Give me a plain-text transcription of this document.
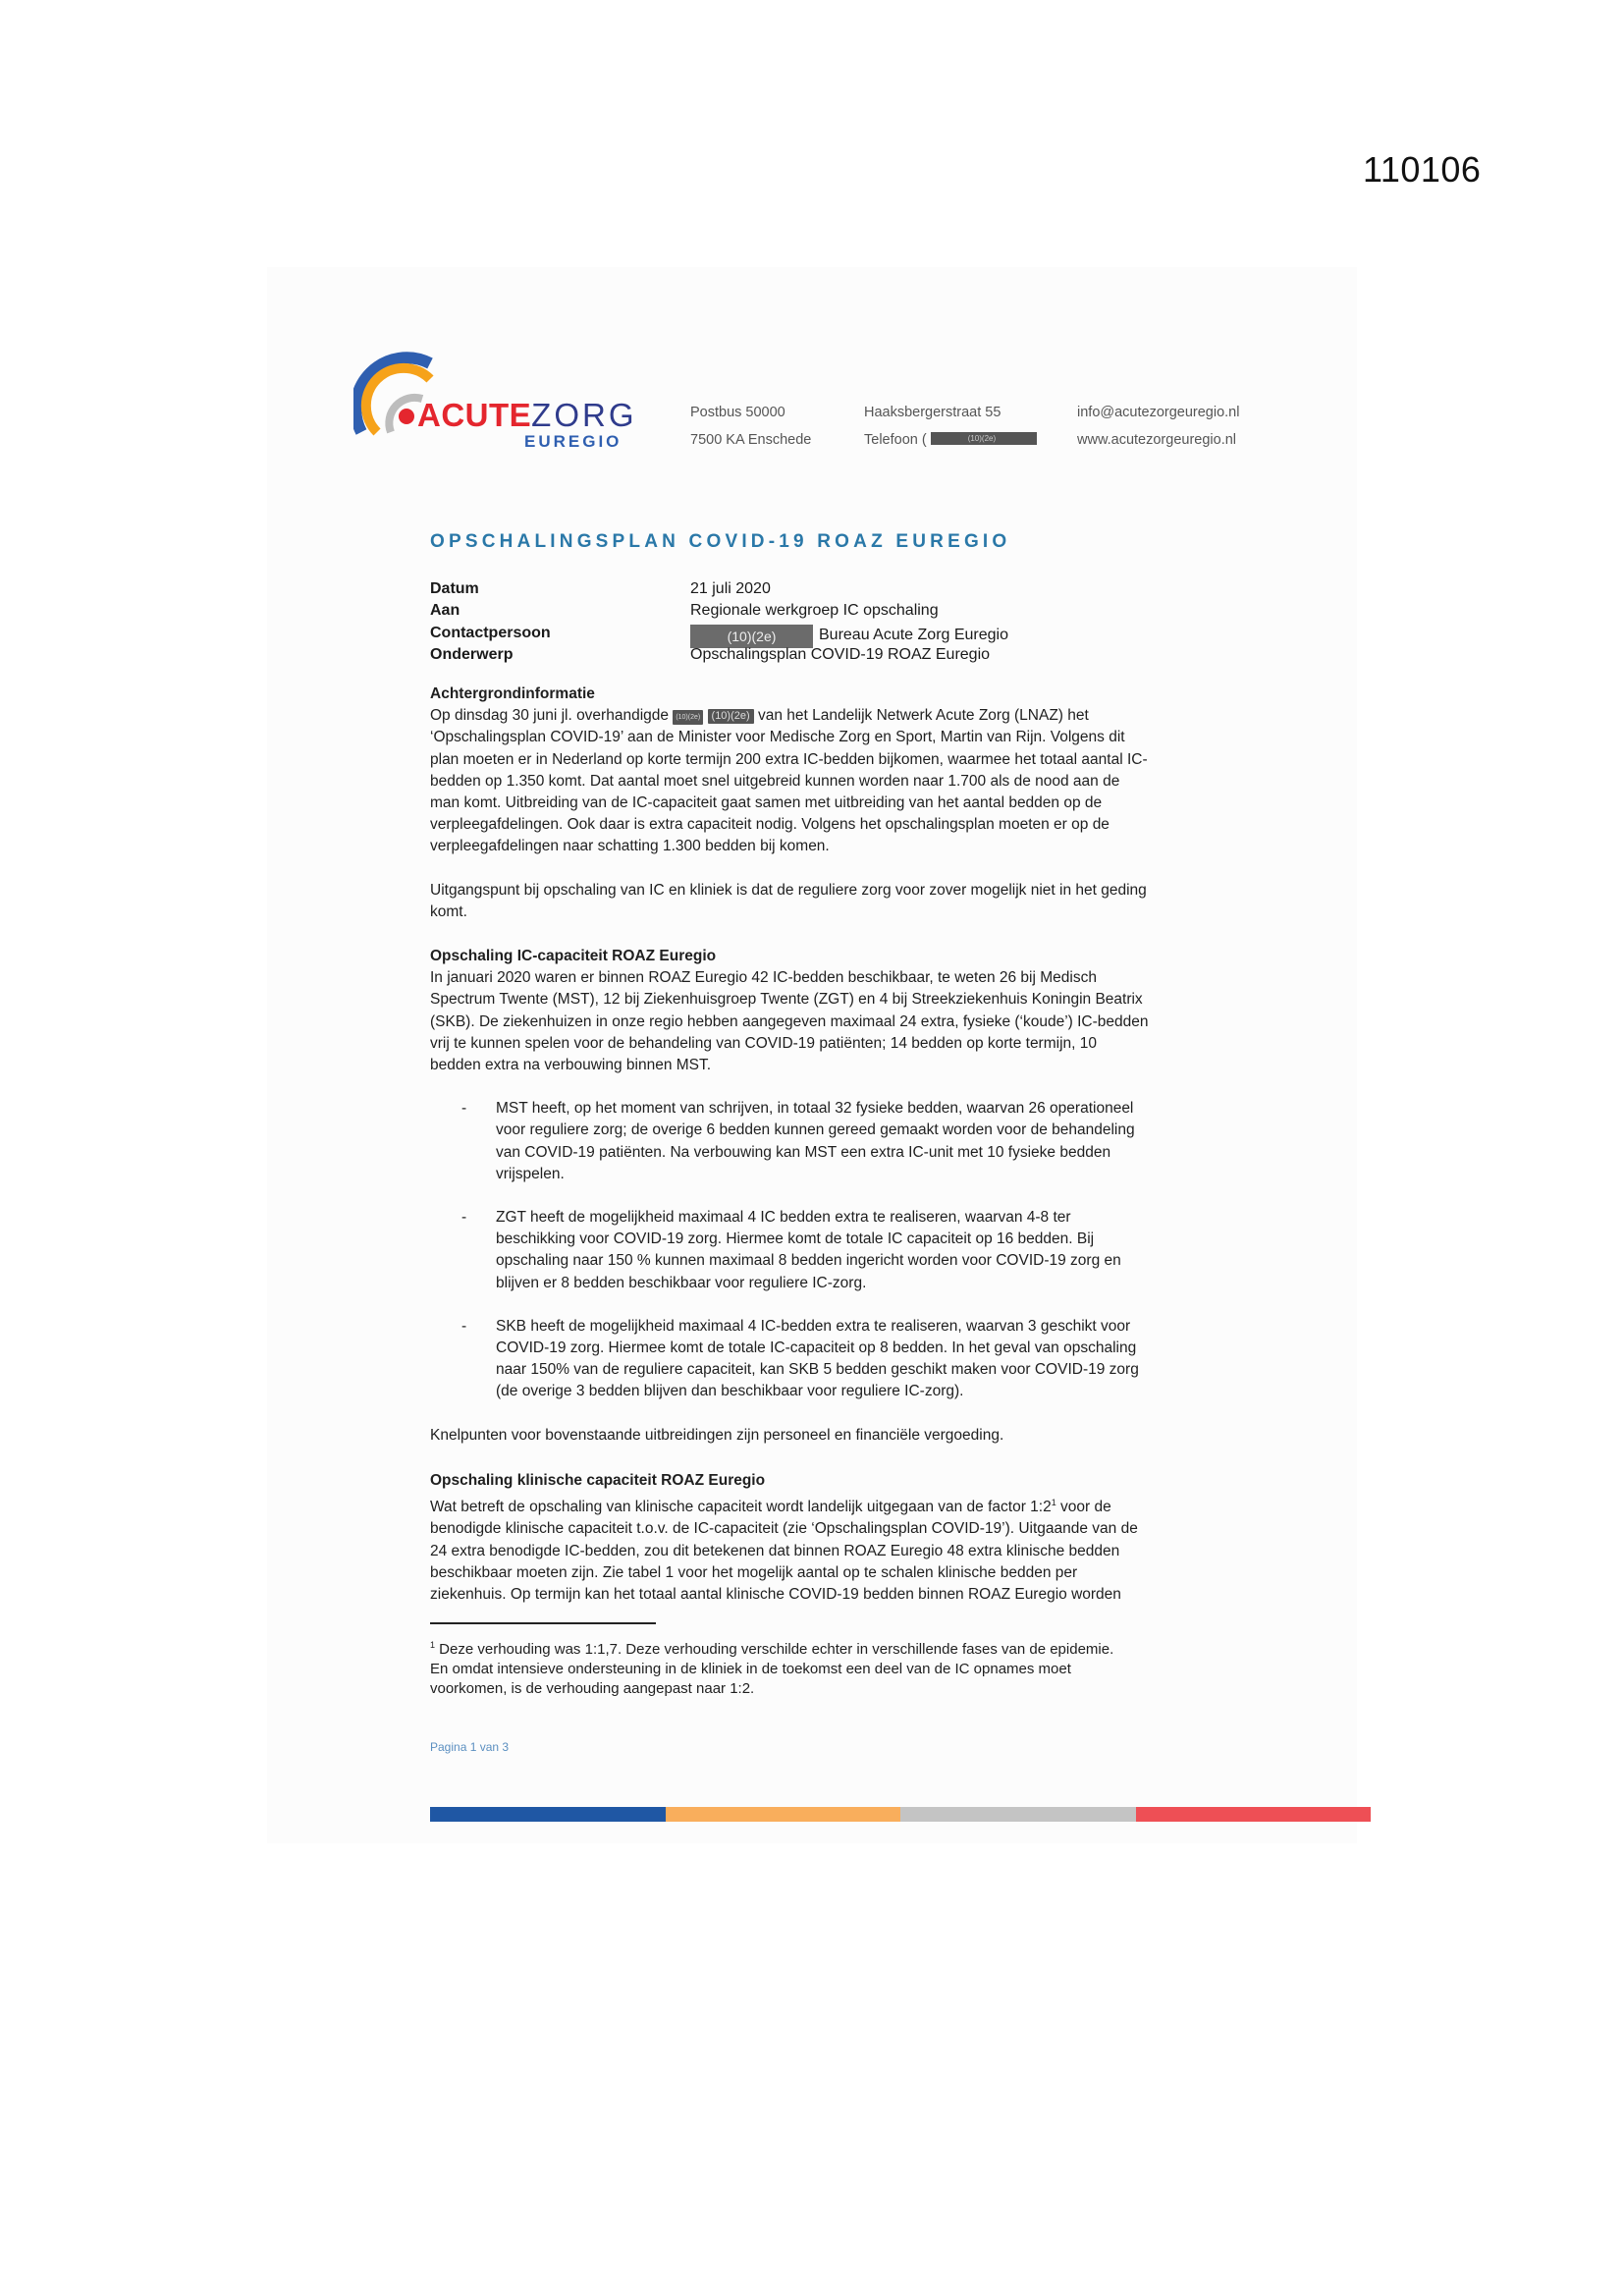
110106
ACUTEZORG
EUREGIO
Postbus 50000
7500 KA Enschede
Haaksbergerstraat 55
Telefoon (	(10)(2e)
info@acutezorgeuregio.nl
www.acutezorgeuregio.nl
OPSCHALINGSPLAN COVID-19 ROAZ EUREGIO
Datum	21 juli 2020
Aan	Regionale werkgroep IC opschaling
Contactpersoon	(10)(2e)	Bureau Acute Zorg Euregio
Onderwerp	Opschalingsplan COVID-19 ROAZ Euregio
Achtergrondinformatie
Op dinsdag 30 juni jl. overhandigde (10)(2e) (10)(2e) van het Landelijk Netwerk Acute Zorg (LNAZ) het
‘Opschalingsplan COVID-19’ aan de Minister voor Medische Zorg en Sport, Martin van Rijn. Volgens dit
plan moeten er in Nederland op korte termijn 200 extra IC-bedden bijkomen, waarmee het totaal aantal IC-
bedden op 1.350 komt. Dat aantal moet snel uitgebreid kunnen worden naar 1.700 als de nood aan de
man komt. Uitbreiding van de IC-capaciteit gaat samen met uitbreiding van het aantal bedden op de
verpleegafdelingen. Ook daar is extra capaciteit nodig. Volgens het opschalingsplan moeten er op de
verpleegafdelingen naar schatting 1.300 bedden bij komen.
Uitgangspunt bij opschaling van IC en kliniek is dat de reguliere zorg voor zover mogelijk niet in het geding
komt.
Opschaling IC-capaciteit ROAZ Euregio
In januari 2020 waren er binnen ROAZ Euregio 42 IC-bedden beschikbaar, te weten 26 bij Medisch
Spectrum Twente (MST), 12 bij Ziekenhuisgroep Twente (ZGT) en 4 bij Streekziekenhuis Koningin Beatrix
(SKB). De ziekenhuizen in onze regio hebben aangegeven maximaal 24 extra, fysieke (‘koude’) IC-bedden
vrij te kunnen spelen voor de behandeling van COVID-19 patiënten; 14 bedden op korte termijn, 10
bedden extra na verbouwing binnen MST.
- MST heeft, op het moment van schrijven, in totaal 32 fysieke bedden, waarvan 26 operationeel
voor reguliere zorg; de overige 6 bedden kunnen gereed gemaakt worden voor de behandeling
van COVID-19 patiënten. Na verbouwing kan MST een extra IC-unit met 10 fysieke bedden
vrijspelen.
- ZGT heeft de mogelijkheid maximaal 4 IC bedden extra te realiseren, waarvan 4-8 ter
beschikking voor COVID-19 zorg. Hiermee komt de totale IC capaciteit op 16 bedden. Bij
opschaling naar 150 % kunnen maximaal 8 bedden ingericht worden voor COVID-19 zorg en
blijven er 8 bedden beschikbaar voor reguliere IC-zorg.
- SKB heeft de mogelijkheid maximaal 4 IC-bedden extra te realiseren, waarvan 3 geschikt voor
COVID-19 zorg. Hiermee komt de totale IC-capaciteit op 8 bedden. In het geval van opschaling
naar 150% van de reguliere capaciteit, kan SKB 5 bedden geschikt maken voor COVID-19 zorg
(de overige 3 bedden blijven dan beschikbaar voor reguliere IC-zorg).
Knelpunten voor bovenstaande uitbreidingen zijn personeel en financiële vergoeding.
Opschaling klinische capaciteit ROAZ Euregio
Wat betreft de opschaling van klinische capaciteit wordt landelijk uitgegaan van de factor $1:2^1$ voor de
benodigde klinische capaciteit t.o.v. de IC-capaciteit (zie ‘Opschalingsplan COVID-19’). Uitgaande van de
24 extra benodigde IC-bedden, zou dit betekenen dat binnen ROAZ Euregio 48 extra klinische bedden
beschikbaar moeten zijn. Zie tabel 1 voor het mogelijk aantal op te schalen klinische bedden per
ziekenhuis. Op termijn kan het totaal aantal klinische COVID-19 bedden binnen ROAZ Euregio worden
$^1$ Deze verhouding was 1:1,7. Deze verhouding verschilde echter in verschillende fases van de epidemie.
En omdat intensieve ondersteuning in de kliniek in de toekomst een deel van de IC opnames moet
voorkomen, is de verhouding aangepast naar 1:2.
Pagina 1 van 3
